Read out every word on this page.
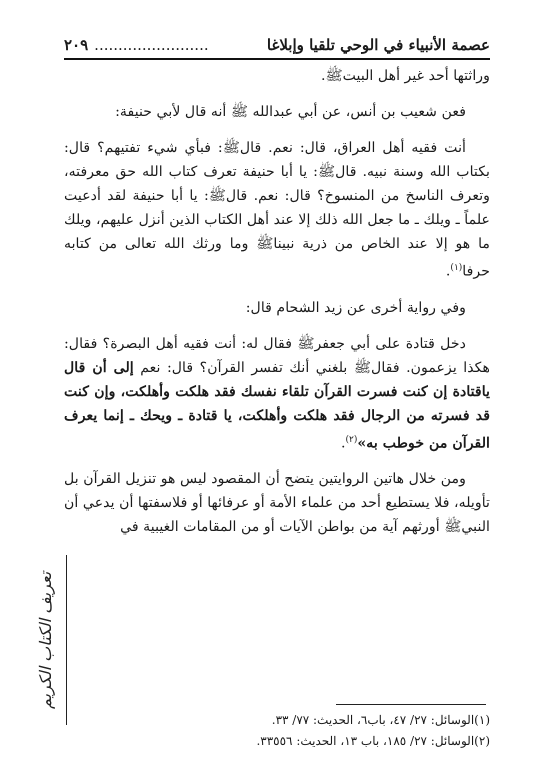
عصمة الأنبياء في الوحي تلقيا وإبلاغا
........................
٢٠٩

وراثتها أحد غير أهل البيتﷺ.

فعن شعيب بن أنس، عن أبي عبدالله ﷺ أنه قال لأبي حنيفة:

أنت فقيه أهل العراق، قال: نعم. قالﷺ: فبأي شيء تفتيهم؟ قال: بكتاب الله وسنة نبيه. قالﷺ: يا أبا حنيفة تعرف كتاب الله حق معرفته، وتعرف الناسخ من المنسوخ؟ قال: نعم. قالﷺ: يا أبا حنيفة لقد أدعيت علماً ـ ويلك ـ ما جعل الله ذلك إلا عند أهل الكتاب الذين أنزل عليهم، ويلك ما هو إلا عند الخاص من ذرية نبيناﷺ وما ورثك الله تعالى من كتابه حرفا$^{(١)}$.

وفي رواية أخرى عن زيد الشحام قال:

دخل قتادة على أبي جعفرﷺ فقال له: أنت فقيه أهل البصرة؟ فقال: هكذا يزعمون. فقالﷺ بلغني أنك تفسر القرآن؟ قال: نعم إلى أن قال ياقتادة إن كنت فسرت القرآن تلقاء نفسك فقد هلكت وأهلكت، وإن كنت قد فسرته من الرجال فقد هلكت وأهلكت، يا قتادة ـ ويحك ـ إنما يعرف القرآن من خوطب به»$^{(٢)}$.

ومن خلال هاتين الروايتين يتضح أن المقصود ليس هو تنزيل القرآن بل تأويله، فلا يستطيع أحد من علماء الأمة أو عرفائها أو فلاسفتها أن يدعي أن النبيﷺ أورثهم آية من بواطن الآيات أو من المقامات الغيبية في

تعريف الكتاب الكريم
(١)الوسائل: ٢٧/ ٤٧، باب٦، الحديث: ٧٧/ ٣٣.
(٢)الوسائل: ٢٧/ ١٨٥، باب ١٣، الحديث: ٣٣٥٥٦.
